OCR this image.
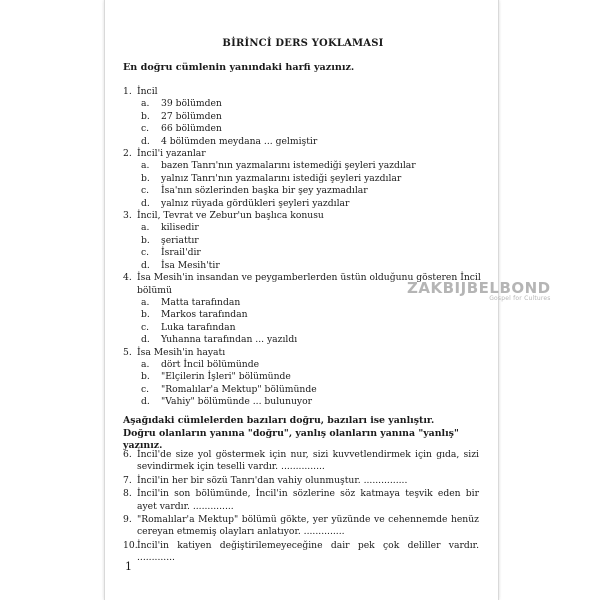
BİRİNCİ DERS YOKLAMASI
En doğru cümlenin yanındaki harfi yazınız.
1. İncil
a.	39 bölümden
b.	27 bölümden
c.	66 bölümden
d.	4 bölümden meydana ... gelmiştir
2. İncil'i yazanlar
a.	bazen Tanrı'nın yazmalarını istemediği şeyleri yazdılar
b.	yalnız Tanrı'nın yazmalarını istediği şeyleri yazdılar
c.	İsa'nın sözlerinden başka bir şey yazmadılar
d.	yalnız rüyada gördükleri şeyleri yazdılar
3. İncil, Tevrat ve Zebur'un başlıca konusu
a.	kilisedir
b.	şeriattır
c.	İsrail'dir
d.	İsa Mesih'tir
4. İsa Mesih'in insandan ve peygamberlerden üstün olduğunu gösteren İncil bölümü
a.	Matta tarafından
b.	Markos tarafından
c.	Luka tarafından
d.	Yuhanna tarafından ... yazıldı
5. İsa Mesih'in hayatı
a.	dört İncil bölümünde
b.	"Elçilerin İşleri" bölümünde
c.	"Romalılar'a Mektup" bölümünde
d.	"Vahiy" bölümünde ... bulunuyor
Aşağıdaki cümlelerden bazıları doğru, bazıları ise yanlıştır.
Doğru olanların yanına "doğru", yanlış olanların yanına "yanlış" yazınız.
6. İncil'de size yol göstermek için nur, sizi kuvvetlendirmek için gıda, sizi sevindirmek için teselli vardır. ...............
7. İncil'in her bir sözü Tanrı'dan vahiy olunmuştur. ...............
8. İncil'in son bölümünde, İncil'in sözlerine söz katmaya teşvik eden bir ayet vardır. ..............
9. "Romalılar'a Mektup" bölümü gökte, yer yüzünde ve cehennemde henüz cereyan etmemiş olayları anlatıyor. ..............
10. İncil'in katiyen değiştirilemeyeceğine dair pek çok deliller vardır. .............
1
ZAKBIJBELBOND
Gospel for Cultures
